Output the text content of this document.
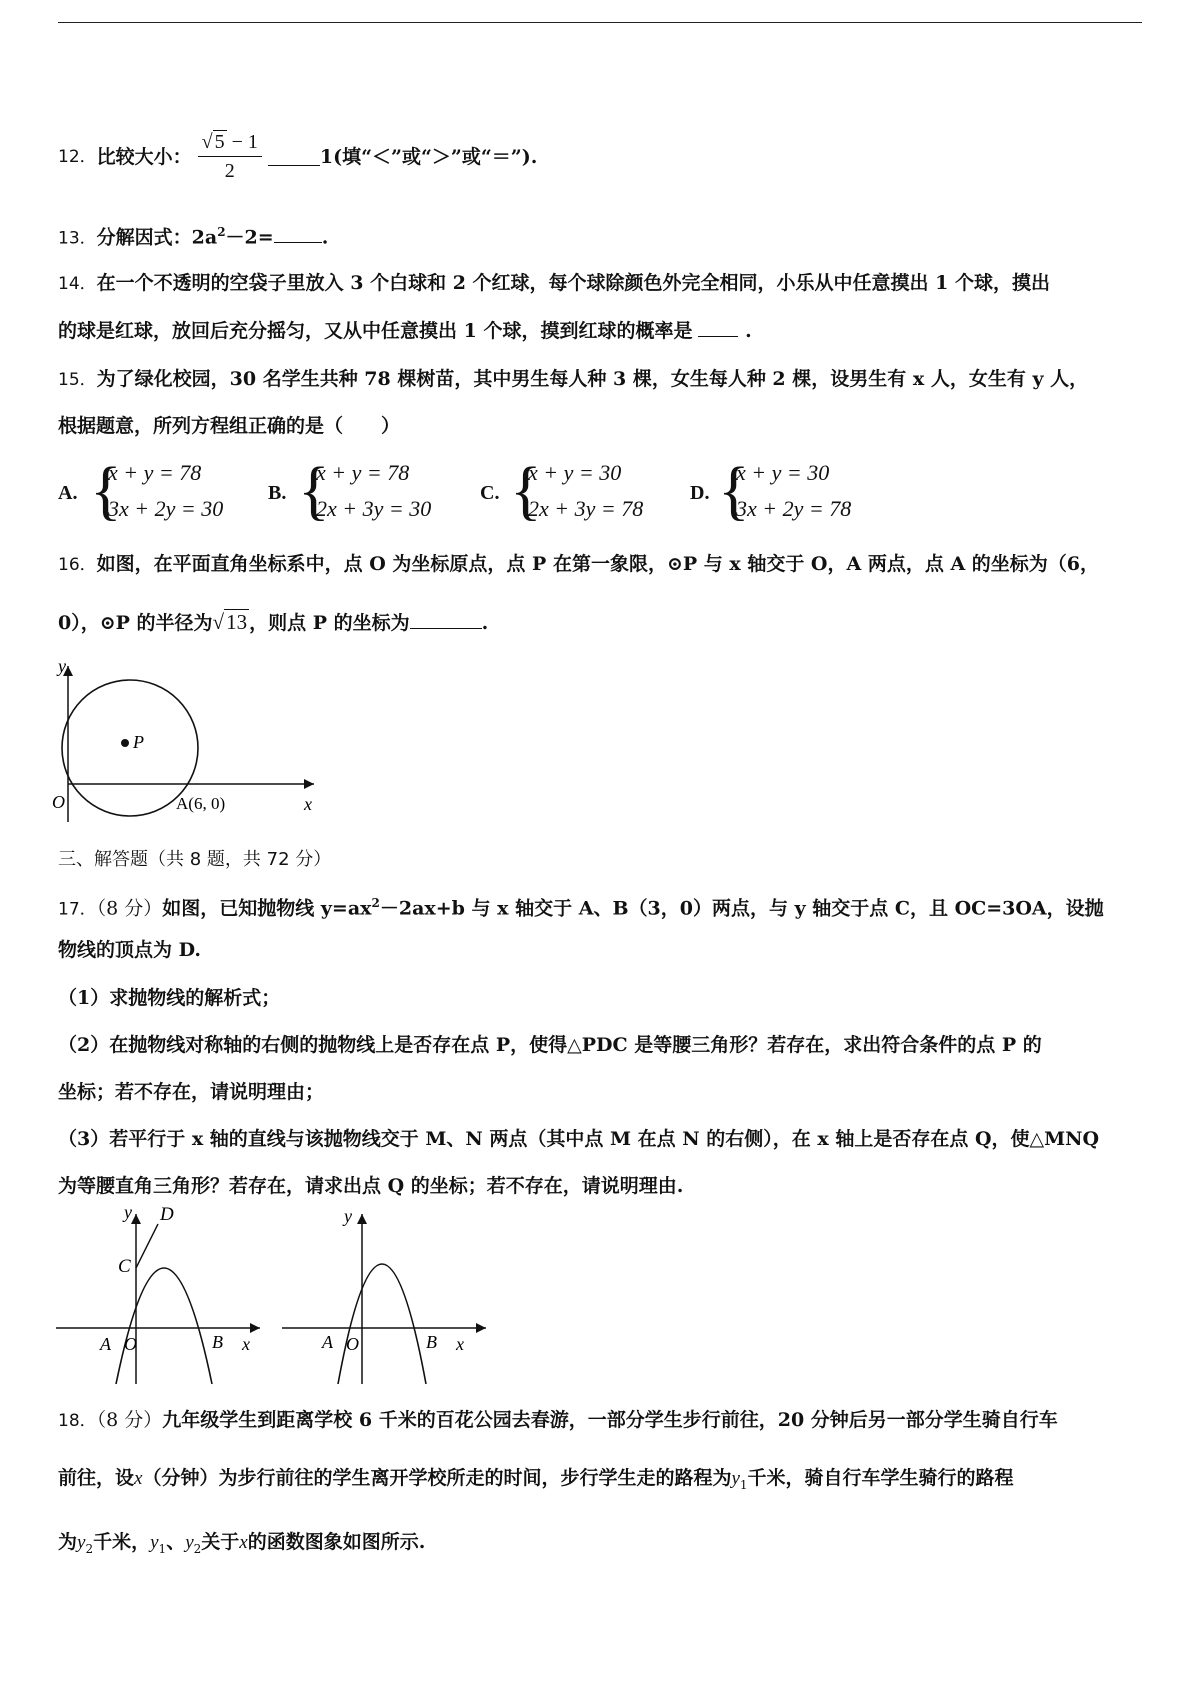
12． 比较大小： $\frac{√ 5 - 1}{2}$	1(填“＜”或“＞”或“＝”).
13．分解因式：$2a^2-2=$	.
14．在一个不透明的空袋子里放入 3 个白球和 2 个红球，每个球除颜色外完全相同，小乐从中任意摸出 1 个球，摸出
的球是红球，放回后充分摇匀，又从中任意摸出 1 个球，摸到红球的概率是 .
15．为了绿化校园，30 名学生共种 78 棵树苗，其中男生每人种 3 棵，女生每人种 2 棵，设男生有 x 人，女生有 y 人，
根据题意，所列方程组正确的是（　　）
A. {
x + y = 78
3x + 2y = 30
B. {
x + y = 78
2x + 3y = 30
C. {
x + y = 30
2x + 3y = 78
D. {
x + y = 30
3x + 2y = 78
16．如图，在平面直角坐标系中，点 O 为坐标原点，点 P 在第一象限，⊙P 与 x 轴交于 O，A 两点，点 A 的坐标为（6，
0），⊙P 的半径为√13 ，则点 P 的坐标为	.
y
x
O
P
A(6, 0)
三、解答题（共 8 题，共 72 分）
17．（8 分）如图，已知抛物线 $y=ax^2-2ax+b$ 与 x 轴交于 A、B（3，0）两点，与 y 轴交于点 C，且 OC=3OA，设抛
物线的顶点为 D.
（1）求抛物线的解析式；
（2）在抛物线对称轴的右侧的抛物线上是否存在点 P，使得△PDC 是等腰三角形？若存在，求出符合条件的点 P 的
坐标；若不存在，请说明理由；
（3）若平行于 x 轴的直线与该抛物线交于 M、N 两点（其中点 M 在点 N 的右侧），在 x 轴上是否存在点 Q，使△MNQ
为等腰直角三角形？若存在，请求出点 Q 的坐标；若不存在，请说明理由.
y D
C
A O	B x
y
A O	B x
18．（8 分）九年级学生到距离学校 6 千米的百花公园去春游，一部分学生步行前往，20 分钟后另一部分学生骑自行车
前往，设x（分钟）为步行前往的学生离开学校所走的时间，步行学生走的路程为$y_1$千米，骑自行车学生骑行的路程
为$y_2$千米，$y_1$、$y_2$关于x的函数图象如图所示.
